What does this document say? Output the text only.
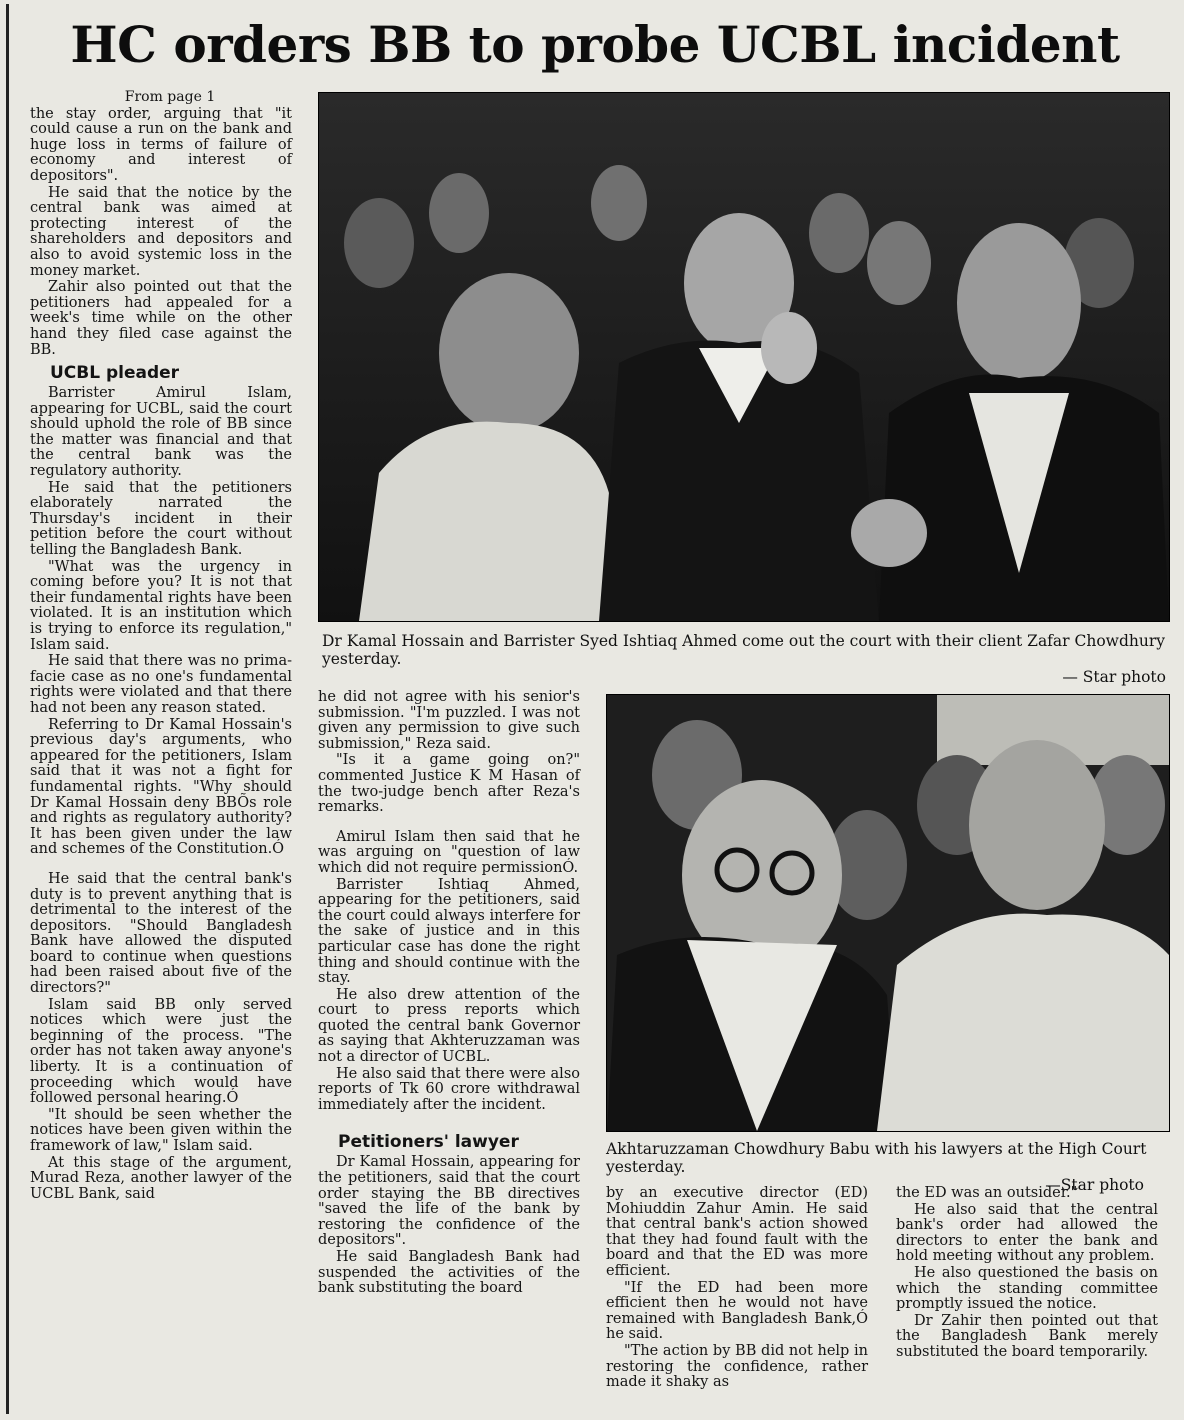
HC orders BB to probe UCBL incident

From page 1

the stay order, arguing that "it could cause a run on the bank and huge loss in terms of failure of economy and interest of depositors".

He said that the notice by the central bank was aimed at protecting interest of the shareholders and depositors and also to avoid systemic loss in the money market.

Zahir also pointed out that the petitioners had appealed for a week's time while on the other hand they filed case against the BB.

UCBL pleader

Barrister Amirul Islam, appearing for UCBL, said the court should uphold the role of BB since the matter was financial and that the central bank was the regulatory authority.

He said that the petitioners elaborately narrated the Thursday's incident in their petition before the court without telling the Bangladesh Bank.

"What was the urgency in coming before you? It is not that their fundamental rights have been violated. It is an institution which is trying to enforce its regulation," Islam said.

He said that there was no prima-facie case as no one's fundamental rights were violated and that there had not been any reason stated.

Referring to Dr Kamal Hossain's previous day's arguments, who appeared for the petitioners, Islam said that it was not a fight for fundamental rights. "Why should Dr Kamal Hossain deny BBÕs role and rights as regulatory authority? It has been given under the law and schemes of the Constitution.Ó

He said that the central bank's duty is to prevent anything that is detrimental to the interest of the depositors. "Should Bangladesh Bank have allowed the disputed board to continue when questions had been raised about five of the directors?"

Islam said BB only served notices which were just the beginning of the process. "The order has not taken away anyone's liberty. It is a continuation of proceeding which would have followed personal hearing.Ó

"It should be seen whether the notices have been given within the framework of law," Islam said.

At this stage of the argument, Murad Reza, another lawyer of the UCBL Bank, said

Dr Kamal Hossain and Barrister Syed Ishtiaq Ahmed come out the court with their client Zafar Chowdhury yesterday.
— Star photo

he did not agree with his senior's submission. "I'm puzzled. I was not given any permission to give such submission," Reza said.

"Is it a game going on?" commented Justice K M Hasan of the two-judge bench after Reza's remarks.

Amirul Islam then said that he was arguing on "question of law which did not require permissionÓ.

Barrister Ishtiaq Ahmed, appearing for the petitioners, said the court could always interfere for the sake of justice and in this particular case has done the right thing and should continue with the stay.

He also drew attention of the court to press reports which quoted the central bank Governor as saying that Akhteruzzaman was not a director of UCBL.

He also said that there were also reports of Tk 60 crore withdrawal immediately after the incident.

Petitioners' lawyer

Dr Kamal Hossain, appearing for the petitioners, said that the court order staying the BB directives "saved the life of the bank by restoring the confidence of the depositors".

He said Bangladesh Bank had suspended the activities of the bank substituting the board

Akhtaruzzaman Chowdhury Babu with his lawyers at the High Court yesterday.
—Star photo

by an executive director (ED) Mohiuddin Zahur Amin. He said that central bank's action showed that they had found fault with the board and that the ED was more efficient.

"If the ED had been more efficient then he would not have remained with Bangladesh Bank,Ó he said.

"The action by BB did not help in restoring the confidence, rather made it shaky as

the ED was an outsider."

He also said that the central bank's order had allowed the directors to enter the bank and hold meeting without any problem.

He also questioned the basis on which the standing committee promptly issued the notice.

Dr Zahir then pointed out that the Bangladesh Bank merely substituted the board temporarily.
